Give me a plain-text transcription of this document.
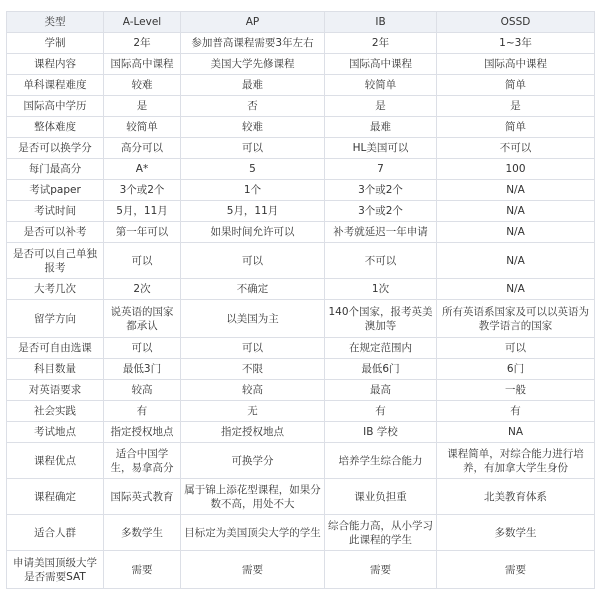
类型	A-Level	AP	IB	OSSD
学制	2年	参加普高课程需要3年左右	2年	1~3年
课程内容	国际高中课程	美国大学先修课程	国际高中课程	国际高中课程
单科课程难度	较难	最难	较简单	简单
国际高中学历	是	否	是	是
整体难度	较简单	较难	最难	简单
是否可以换学分	高分可以	可以	HL美国可以	不可以
每门最高分	A*	5	7	100
考试paper	3个或2个	1个	3个或2个	N/A
考试时间	5月，11月	5月，11月	3个或2个	N/A
是否可以补考	第一年可以	如果时间允许可以	补考就延迟一年申请	N/A
是否可以自己单独报考	可以	可以	不可以	N/A
大考几次	2次	不确定	1次	N/A
留学方向	说英语的国家都承认	以美国为主	140个国家，报考英美澳加等	所有英语系国家及可以以英语为教学语言的国家
是否可自由选课	可以	可以	在规定范围内	可以
科目数量	最低3门	不限	最低6门	6门
对英语要求	较高	较高	最高	一般
社会实践	有	无	有	有
考试地点	指定授权地点	指定授权地点	IB 学校	NA
课程优点	适合中国学生，易拿高分	可换学分	培养学生综合能力	课程简单，对综合能力进行培养，有加拿大学生身份
课程确定	国际英式教育	属于锦上添花型课程，如果分数不高，用处不大	课业负担重	北美教育体系
适合人群	多数学生	目标定为美国顶尖大学的学生	综合能力高，从小学习此课程的学生	多数学生
申请美国顶级大学是否需要SAT	需要	需要	需要	需要
